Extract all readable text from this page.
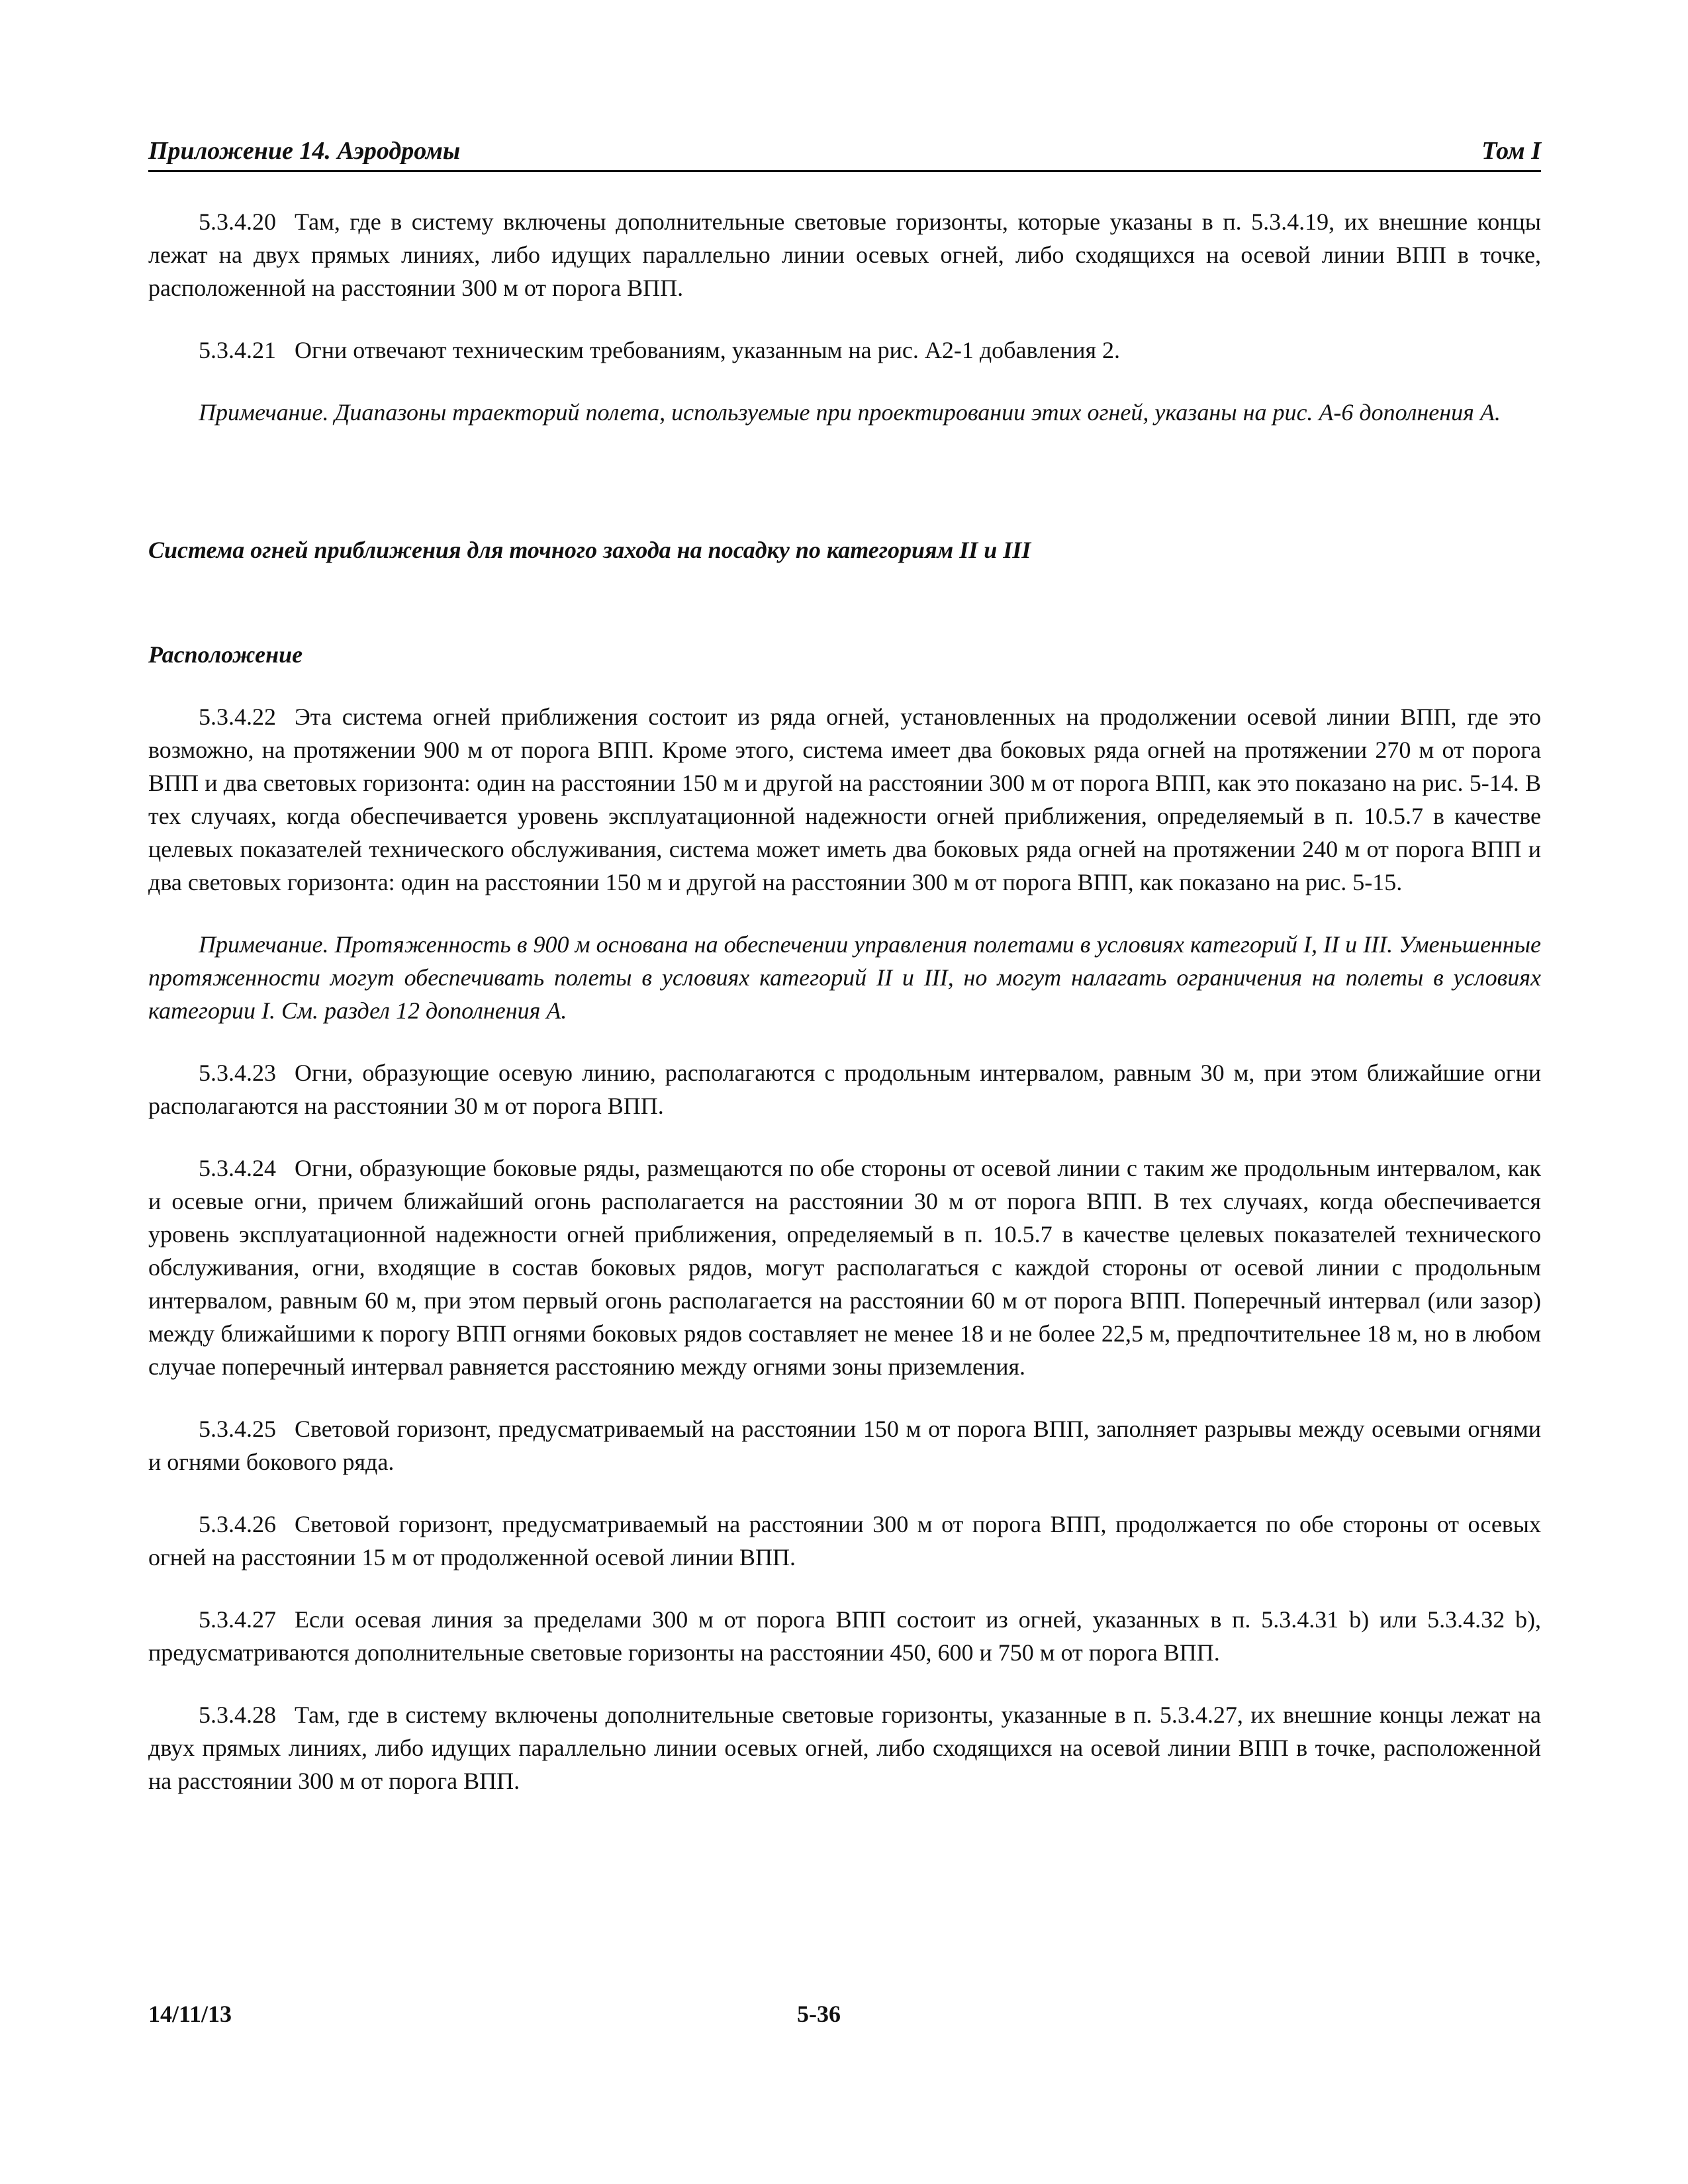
Приложение 14. Аэродромы	Том I

5.3.4.20 Там, где в систему включены дополнительные световые горизонты, которые указаны в п. 5.3.4.19, их внешние концы лежат на двух прямых линиях, либо идущих параллельно линии осевых огней, либо сходящихся на осевой линии ВПП в точке, расположенной на расстоянии 300 м от порога ВПП.

5.3.4.21 Огни отвечают техническим требованиям, указанным на рис. А2-1 добавления 2.

Примечание. Диапазоны траекторий полета, используемые при проектировании этих огней, указаны на рис. А-6 дополнения А.

Система огней приближения для точного захода на посадку по категориям II и III

Расположение

5.3.4.22 Эта система огней приближения состоит из ряда огней, установленных на продолжении осевой линии ВПП, где это возможно, на протяжении 900 м от порога ВПП. Кроме этого, система имеет два боковых ряда огней на протяжении 270 м от порога ВПП и два световых горизонта: один на расстоянии 150 м и другой на расстоянии 300 м от порога ВПП, как это показано на рис. 5-14. В тех случаях, когда обеспечивается уровень эксплуатационной надежности огней приближения, определяемый в п. 10.5.7 в качестве целевых показателей технического обслуживания, система может иметь два боковых ряда огней на протяжении 240 м от порога ВПП и два световых горизонта: один на расстоянии 150 м и другой на расстоянии 300 м от порога ВПП, как показано на рис. 5-15.

Примечание. Протяженность в 900 м основана на обеспечении управления полетами в условиях категорий I, II и III. Уменьшенные протяженности могут обеспечивать полеты в условиях категорий II и III, но могут налагать ограничения на полеты в условиях категории I. См. раздел 12 дополнения А.

5.3.4.23 Огни, образующие осевую линию, располагаются с продольным интервалом, равным 30 м, при этом ближайшие огни располагаются на расстоянии 30 м от порога ВПП.

5.3.4.24 Огни, образующие боковые ряды, размещаются по обе стороны от осевой линии с таким же продольным интервалом, как и осевые огни, причем ближайший огонь располагается на расстоянии 30 м от порога ВПП. В тех случаях, когда обеспечивается уровень эксплуатационной надежности огней приближения, определяемый в п. 10.5.7 в качестве целевых показателей технического обслуживания, огни, входящие в состав боковых рядов, могут располагаться с каждой стороны от осевой линии с продольным интервалом, равным 60 м, при этом первый огонь располагается на расстоянии 60 м от порога ВПП. Поперечный интервал (или зазор) между ближайшими к порогу ВПП огнями боковых рядов составляет не менее 18 и не более 22,5 м, предпочтительнее 18 м, но в любом случае поперечный интервал равняется расстоянию между огнями зоны приземления.

5.3.4.25 Световой горизонт, предусматриваемый на расстоянии 150 м от порога ВПП, заполняет разрывы между осевыми огнями и огнями бокового ряда.

5.3.4.26 Световой горизонт, предусматриваемый на расстоянии 300 м от порога ВПП, продолжается по обе стороны от осевых огней на расстоянии 15 м от продолженной осевой линии ВПП.

5.3.4.27 Если осевая линия за пределами 300 м от порога ВПП состоит из огней, указанных в п. 5.3.4.31 b) или 5.3.4.32 b), предусматриваются дополнительные световые горизонты на расстоянии 450, 600 и 750 м от порога ВПП.

5.3.4.28 Там, где в систему включены дополнительные световые горизонты, указанные в п. 5.3.4.27, их внешние концы лежат на двух прямых линиях, либо идущих параллельно линии осевых огней, либо сходящихся на осевой линии ВПП в точке, расположенной на расстоянии 300 м от порога ВПП.

14/11/13	5-36
